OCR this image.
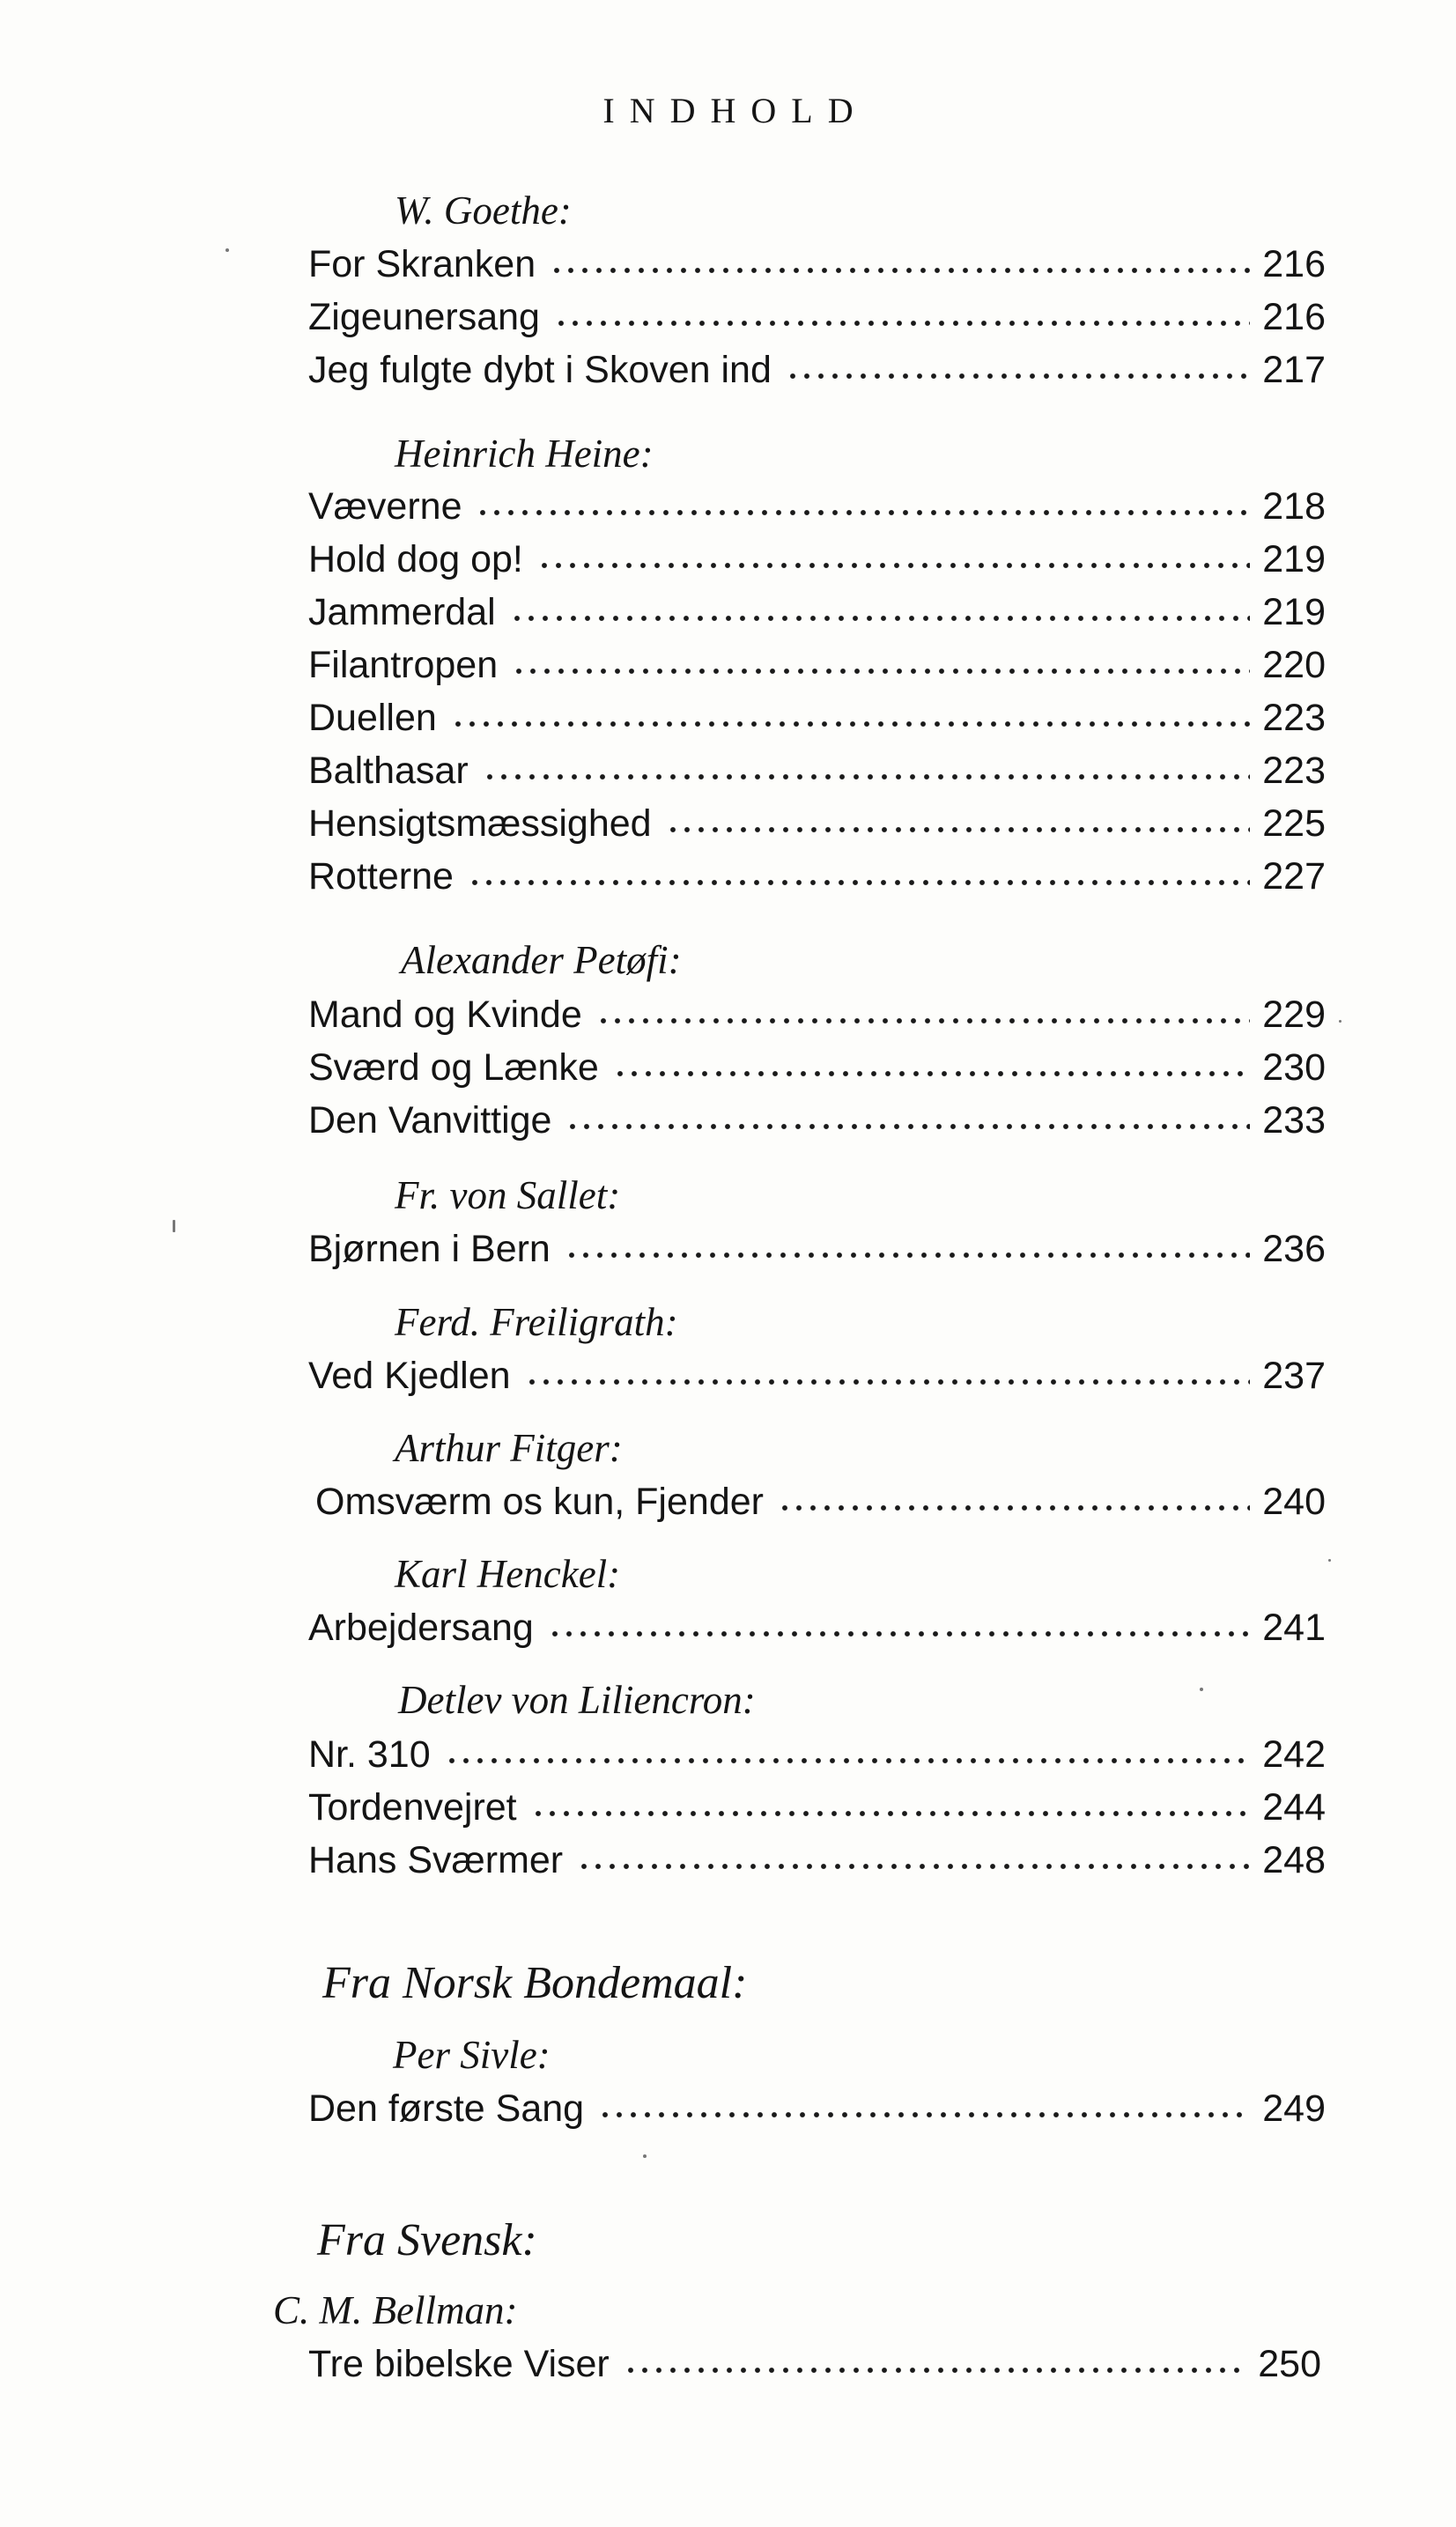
INDHOLD
W. Goethe:
For Skranken	216
Zigeunersang	216
Jeg fulgte dybt i Skoven ind	217
Heinrich Heine:
Væverne	218
Hold dog op!	219
Jammerdal	219
Filantropen	220
Duellen	223
Balthasar	223
Hensigtsmæssighed	225
Rotterne	227
Alexander Petøfi:
Mand og Kvinde	229
Sværd og Lænke	230
Den Vanvittige	233
Fr. von Sallet:
Bjørnen i Bern	236
Ferd. Freiligrath:
Ved Kjedlen	237
Arthur Fitger:
Omsværm os kun, Fjender	240
Karl Henckel:
Arbejdersang	241
Detlev von Liliencron:
Nr. 310	242
Tordenvejret	244
Hans Sværmer	248
Fra Norsk Bondemaal:
Per Sivle:
Den første Sang	249
Fra Svensk:
C. M. Bellman:
Tre bibelske Viser	250
